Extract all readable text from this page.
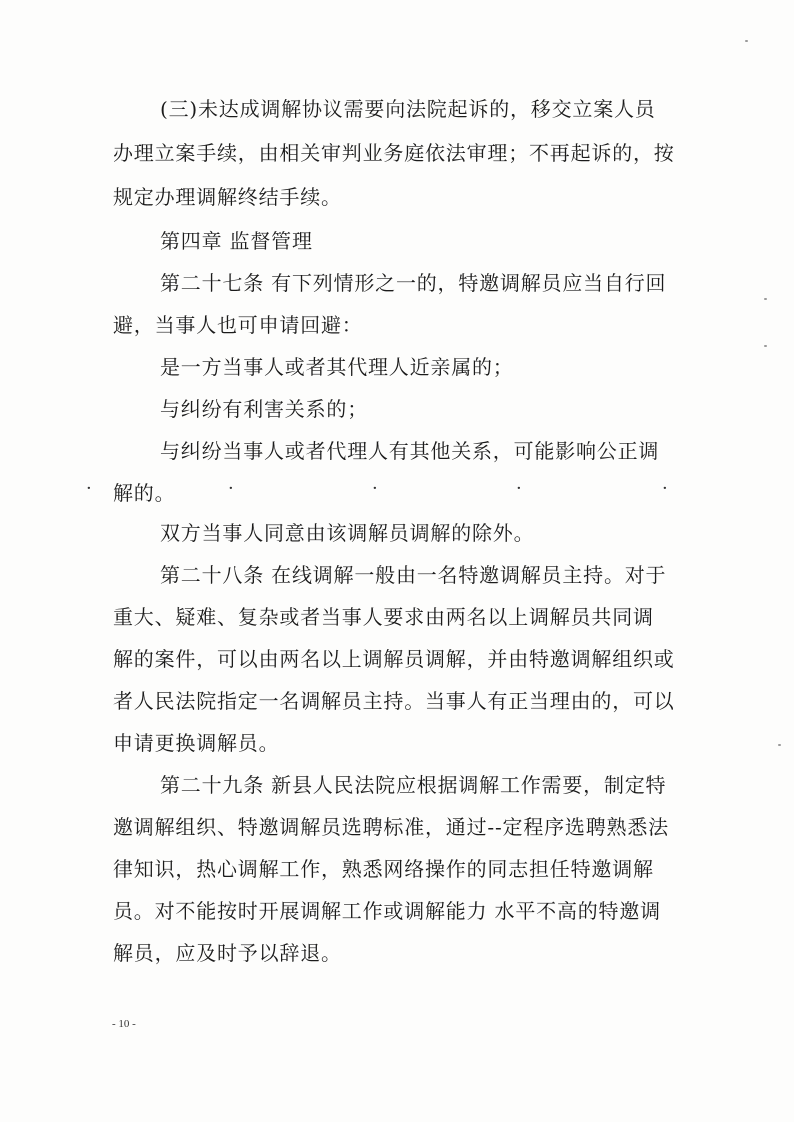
(三)未达成调解协议需要向法院起诉的，移交立案人员
办理立案手续，由相关审判业务庭依法审理；不再起诉的，按
规定办理调解终结手续。
第四章 监督管理
第二十七条 有下列情形之一的，特邀调解员应当自行回
避，当事人也可申请回避：
是一方当事人或者其代理人近亲属的；
与纠纷有利害关系的；
与纠纷当事人或者代理人有其他关系，可能影响公正调
解的。
·	·	·	·	·
双方当事人同意由该调解员调解的除外。
第二十八条 在线调解一般由一名特邀调解员主持。对于
重大、疑难、复杂或者当事人要求由两名以上调解员共同调
解的案件，可以由两名以上调解员调解，并由特邀调解组织或
者人民法院指定一名调解员主持。当事人有正当理由的，可以
申请更换调解员。
第二十九条 新县人民法院应根据调解工作需要，制定特
邀调解组织、特邀调解员选聘标准，通过--定程序选聘熟悉法
律知识，热心调解工作，熟悉网络操作的同志担任特邀调解
员。对不能按时开展调解工作或调解能力 水平不高的特邀调
解员，应及时予以辞退。
- 10 -
